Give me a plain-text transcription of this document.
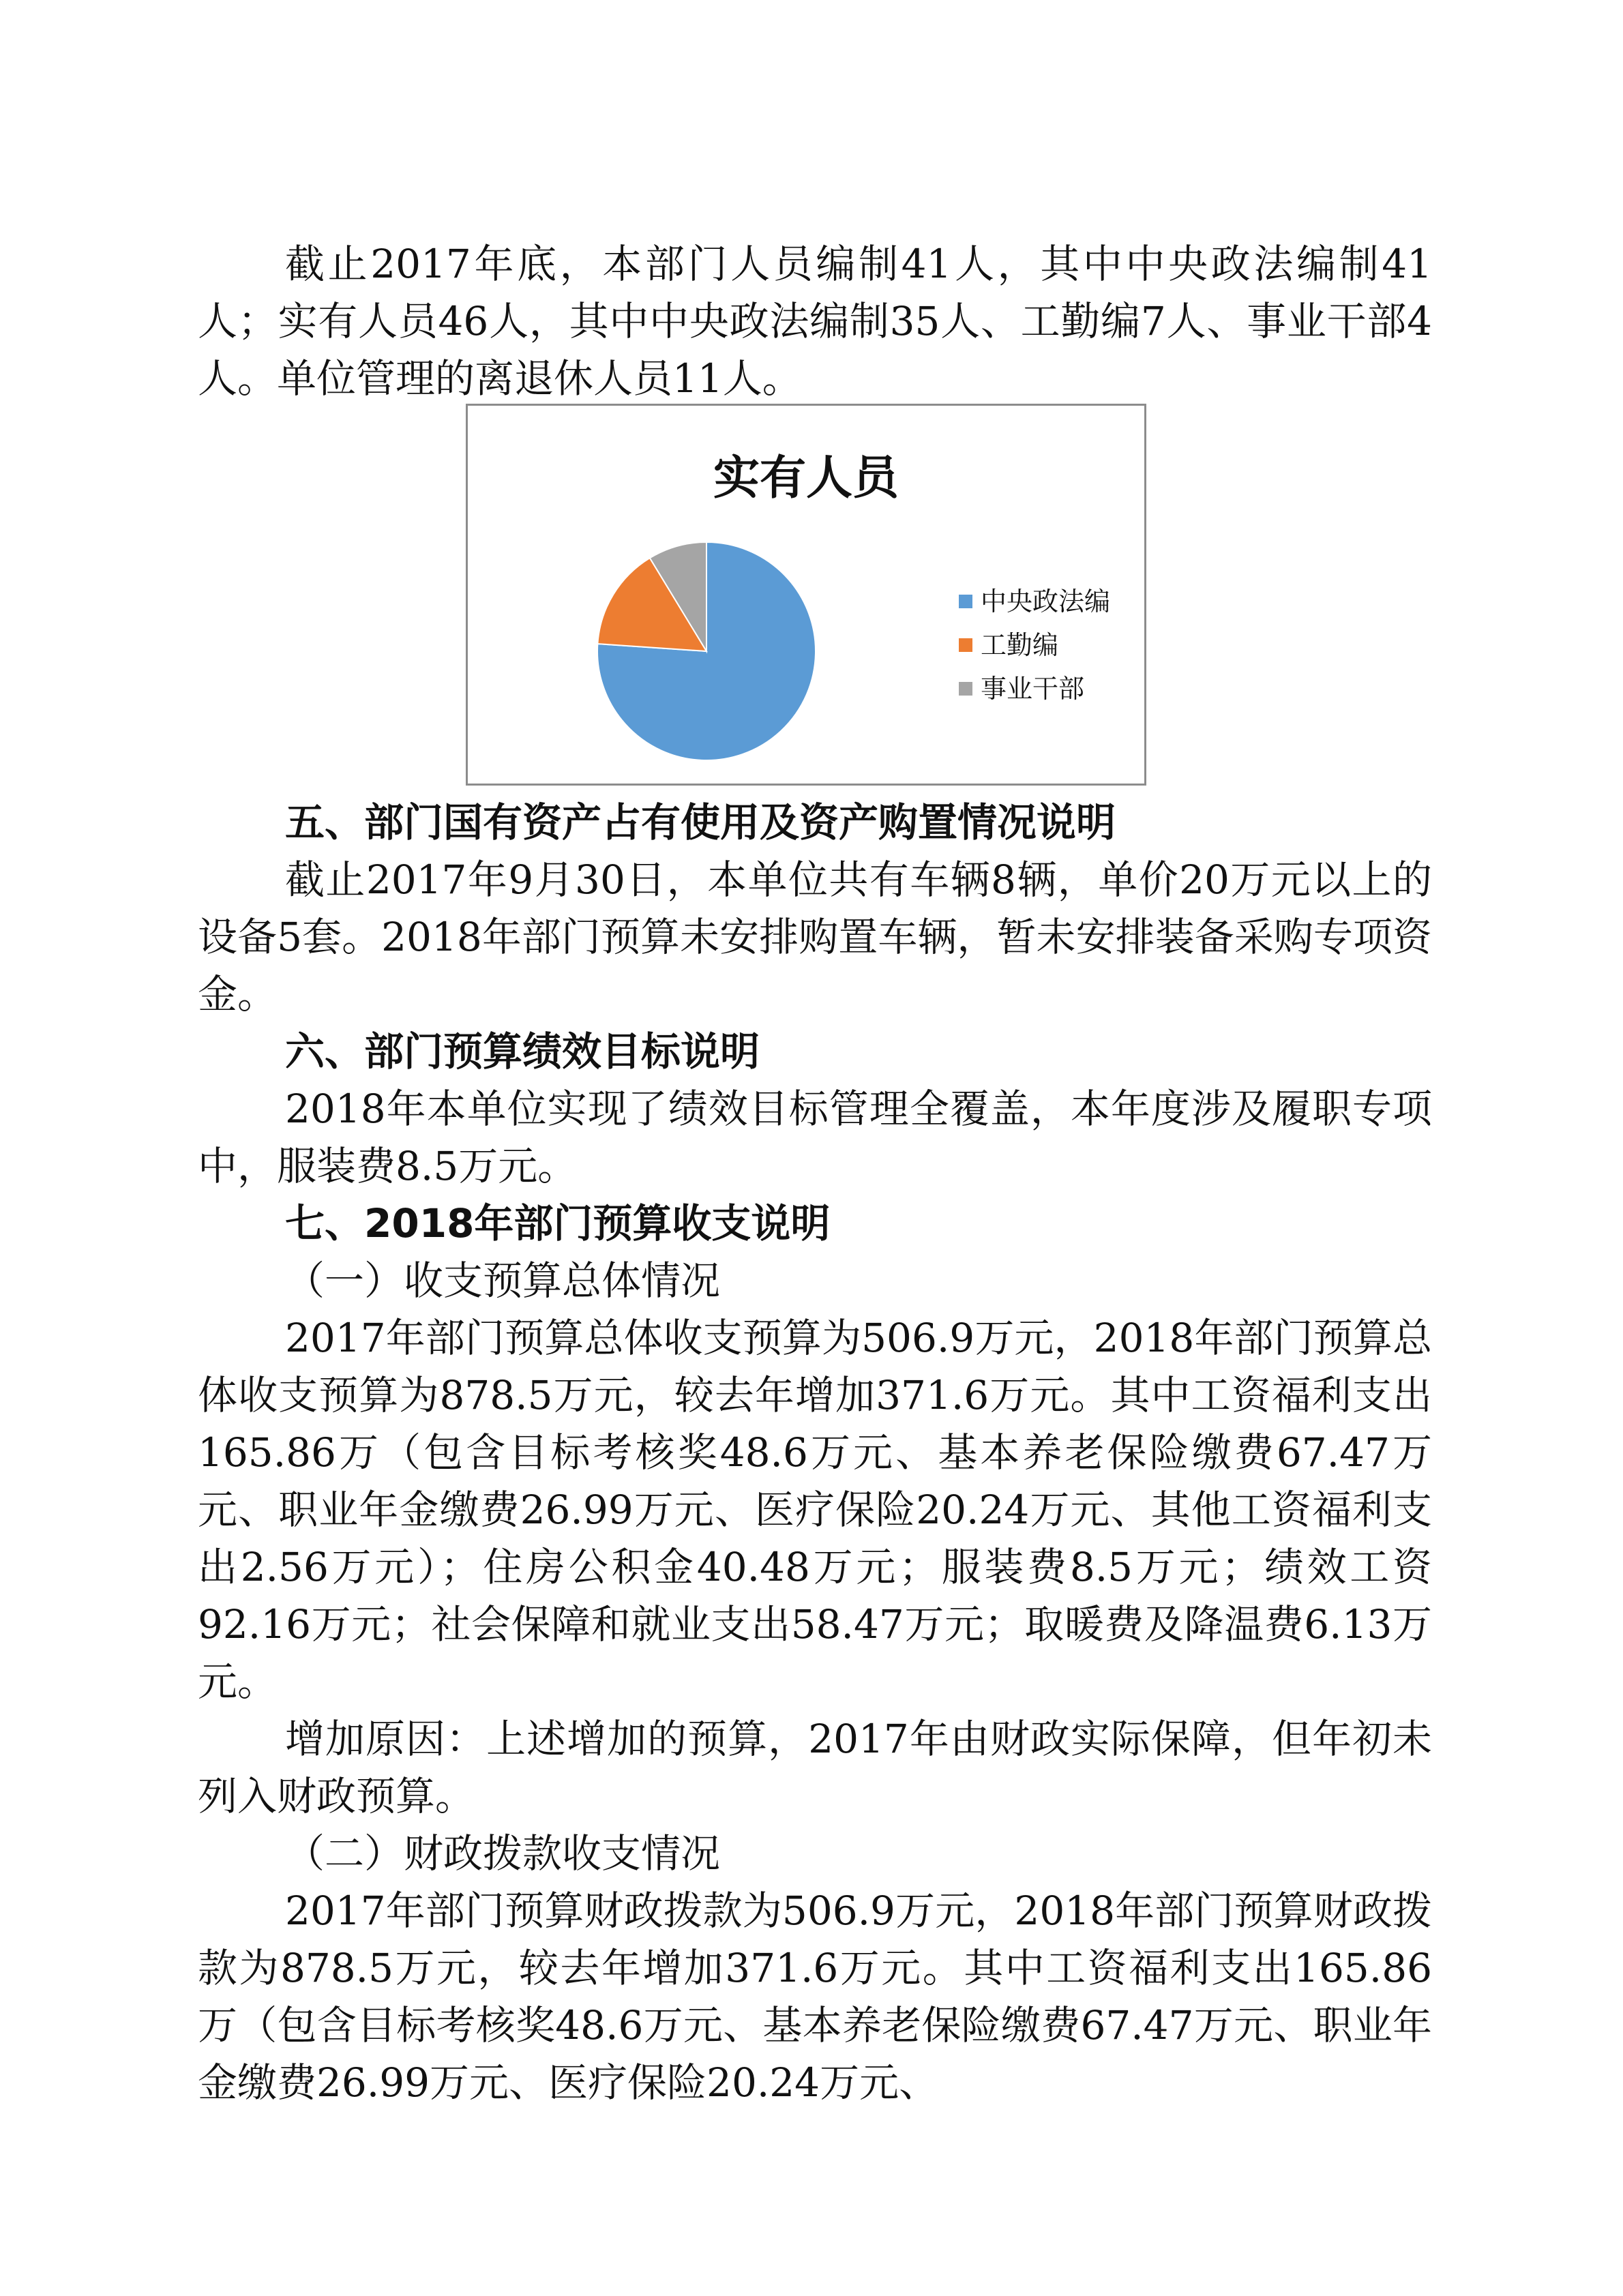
截止2017年底，本部门人员编制41人，其中中央政法编制41人；实有人员46人，其中中央政法编制35人、工勤编7人、事业干部4人。单位管理的离退休人员11人。

实有人员

中央政法编
工勤编
事业干部

五、部门国有资产占有使用及资产购置情况说明

截止2017年9月30日，本单位共有车辆8辆，单价20万元以上的设备5套。2018年部门预算未安排购置车辆，暂未安排装备采购专项资金。

六、部门预算绩效目标说明

2018年本单位实现了绩效目标管理全覆盖，本年度涉及履职专项中，服装费8.5万元。

七、2018年部门预算收支说明

（一）收支预算总体情况

2017年部门预算总体收支预算为506.9万元，2018年部门预算总体收支预算为878.5万元，较去年增加371.6万元。其中工资福利支出165.86万（包含目标考核奖48.6万元、基本养老保险缴费67.47万元、职业年金缴费26.99万元、医疗保险20.24万元、其他工资福利支出2.56万元）；住房公积金40.48万元；服装费8.5万元；绩效工资92.16万元；社会保障和就业支出58.47万元；取暖费及降温费6.13万元。

增加原因：上述增加的预算，2017年由财政实际保障，但年初未列入财政预算。

（二）财政拨款收支情况

2017年部门预算财政拨款为506.9万元，2018年部门预算财政拨款为878.5万元，较去年增加371.6万元。其中工资福利支出165.86万（包含目标考核奖48.6万元、基本养老保险缴费67.47万元、职业年金缴费26.99万元、医疗保险20.24万元、
